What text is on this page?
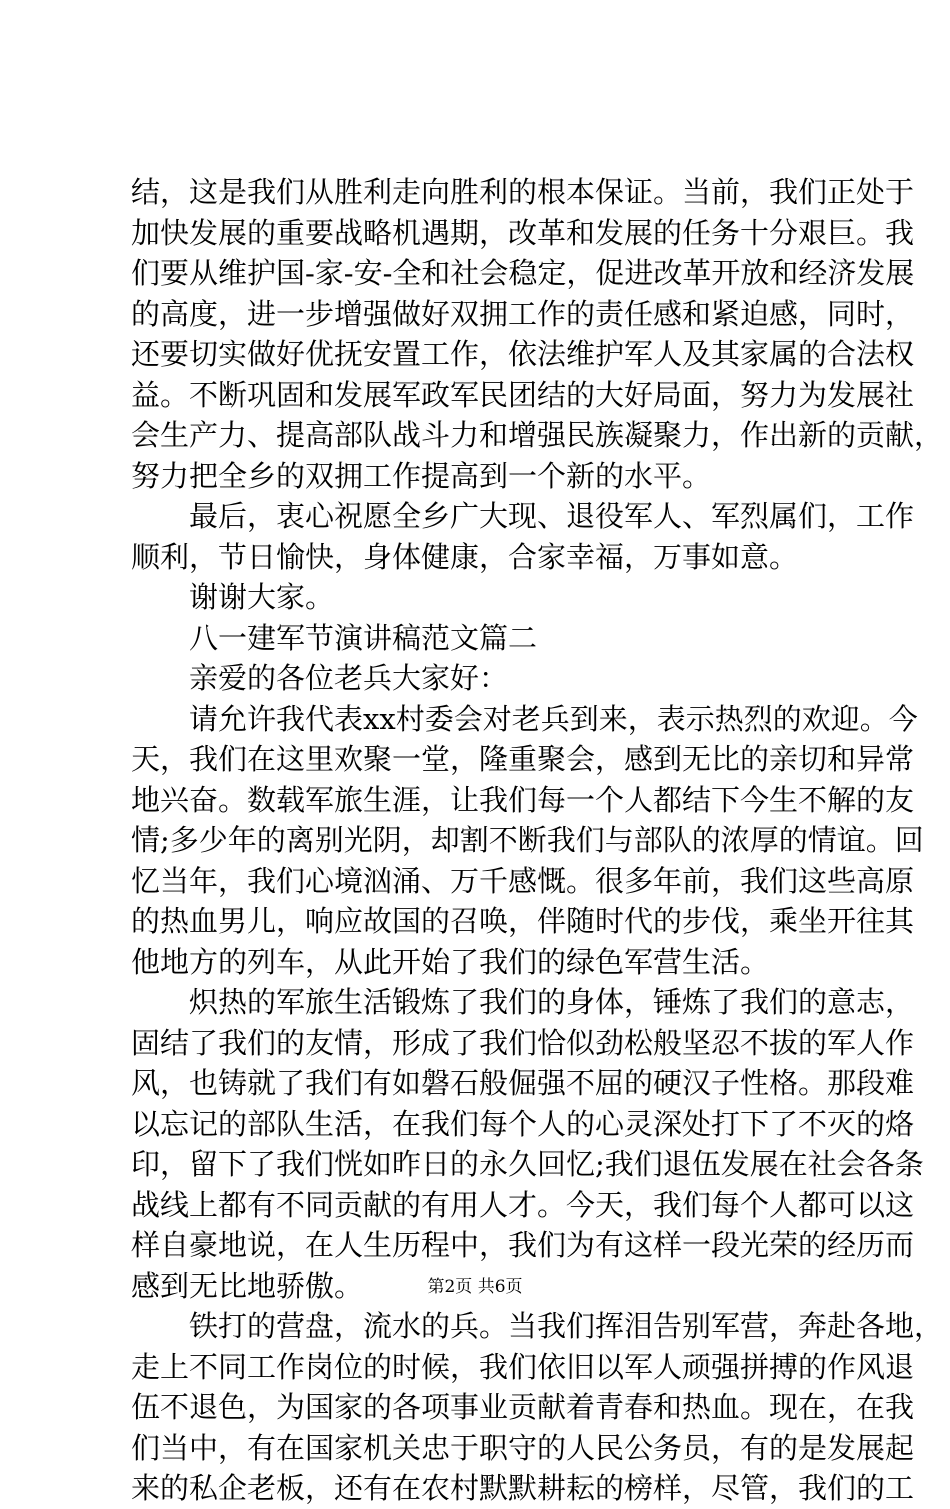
结，这是我们从胜利走向胜利的根本保证。当前，我们正处于
加快发展的重要战略机遇期，改革和发展的任务十分艰巨。我
们要从维护国-家-安-全和社会稳定，促进改革开放和经济发展
的高度，进一步增强做好双拥工作的责任感和紧迫感，同时，
还要切实做好优抚安置工作，依法维护军人及其家属的合法权
益。不断巩固和发展军政军民团结的大好局面，努力为发展社
会生产力、提高部队战斗力和增强民族凝聚力，作出新的贡献，
努力把全乡的双拥工作提高到一个新的水平。
　　最后，衷心祝愿全乡广大现、退役军人、军烈属们，工作
顺利，节日愉快，身体健康，合家幸福，万事如意。
　　谢谢大家。
　　八一建军节演讲稿范文篇二
　　亲爱的各位老兵大家好：
　　请允许我代表xx村委会对老兵到来，表示热烈的欢迎。今
天，我们在这里欢聚一堂，隆重聚会，感到无比的亲切和异常
地兴奋。数载军旅生涯，让我们每一个人都结下今生不解的友
情;多少年的离别光阴，却割不断我们与部队的浓厚的情谊。回
忆当年，我们心境汹涌、万千感慨。很多年前，我们这些高原
的热血男儿，响应故国的召唤，伴随时代的步伐，乘坐开往其
他地方的列车，从此开始了我们的绿色军营生活。
　　炽热的军旅生活锻炼了我们的身体，锤炼了我们的意志，
固结了我们的友情，形成了我们恰似劲松般坚忍不拔的军人作
风，也铸就了我们有如磐石般倔强不屈的硬汉子性格。那段难
以忘记的部队生活，在我们每个人的心灵深处打下了不灭的烙
印，留下了我们恍如昨日的永久回忆;我们退伍发展在社会各条
战线上都有不同贡献的有用人才。今天，我们每个人都可以这
样自豪地说，在人生历程中，我们为有这样一段光荣的经历而
感到无比地骄傲。
　　铁打的营盘，流水的兵。当我们挥泪告别军营，奔赴各地，
走上不同工作岗位的时候，我们依旧以军人顽强拼搏的作风退
伍不退色，为国家的各项事业贡献着青春和热血。现在，在我
们当中，有在国家机关忠于职守的人民公务员，有的是发展起
来的私企老板，还有在农村默默耕耘的榜样，尽管，我们的工
第2页 共6页
